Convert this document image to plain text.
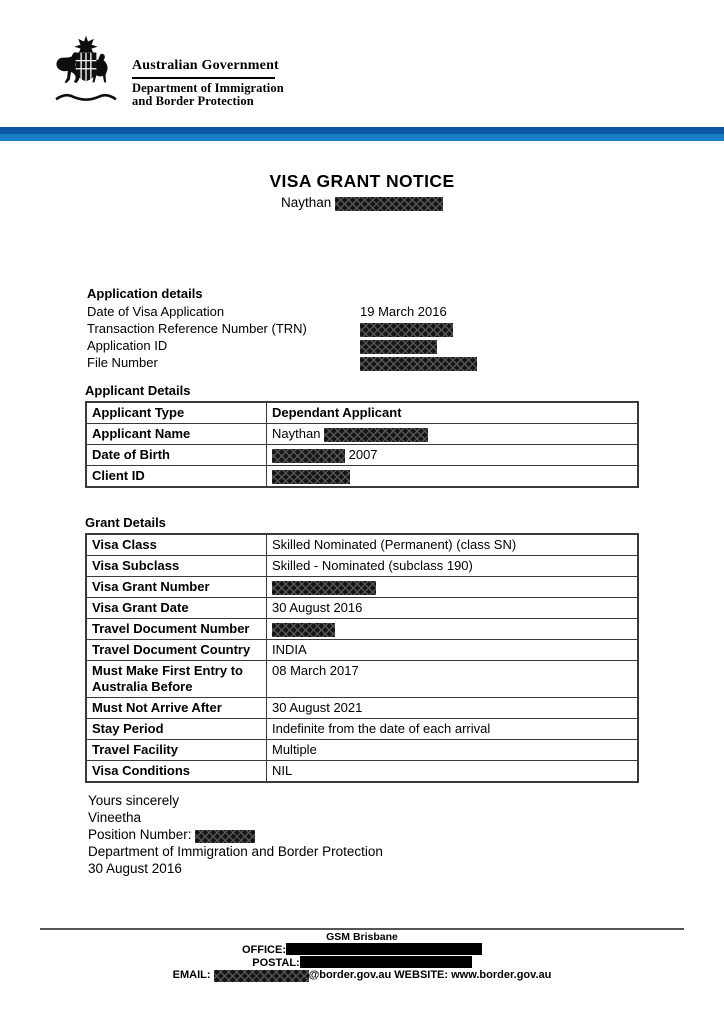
Australian Government
Department of Immigration
and Border Protection
VISA GRANT NOTICE
Naythan
Application details
Date of Visa Application	19 March 2016
Transaction Reference Number (TRN)
Application ID
File Number
Applicant Details
Applicant Type	Dependant Applicant
Applicant Name	Naythan
Date of Birth	2007
Client ID	
Grant Details
Visa Class	Skilled Nominated (Permanent) (class SN)
Visa Subclass	Skilled - Nominated (subclass 190)
Visa Grant Number	
Visa Grant Date	30 August 2016
Travel Document Number	
Travel Document Country	INDIA
Must Make First Entry to Australia Before	08 March 2017
Must Not Arrive After	30 August 2021
Stay Period	Indefinite from the date of each arrival
Travel Facility	Multiple
Visa Conditions	NIL
Yours sincerely
Vineetha
Position Number:
Department of Immigration and Border Protection
30 August 2016
GSM Brisbane
OFFICE:
POSTAL:
EMAIL:	@border.gov.au WEBSITE: www.border.gov.au
